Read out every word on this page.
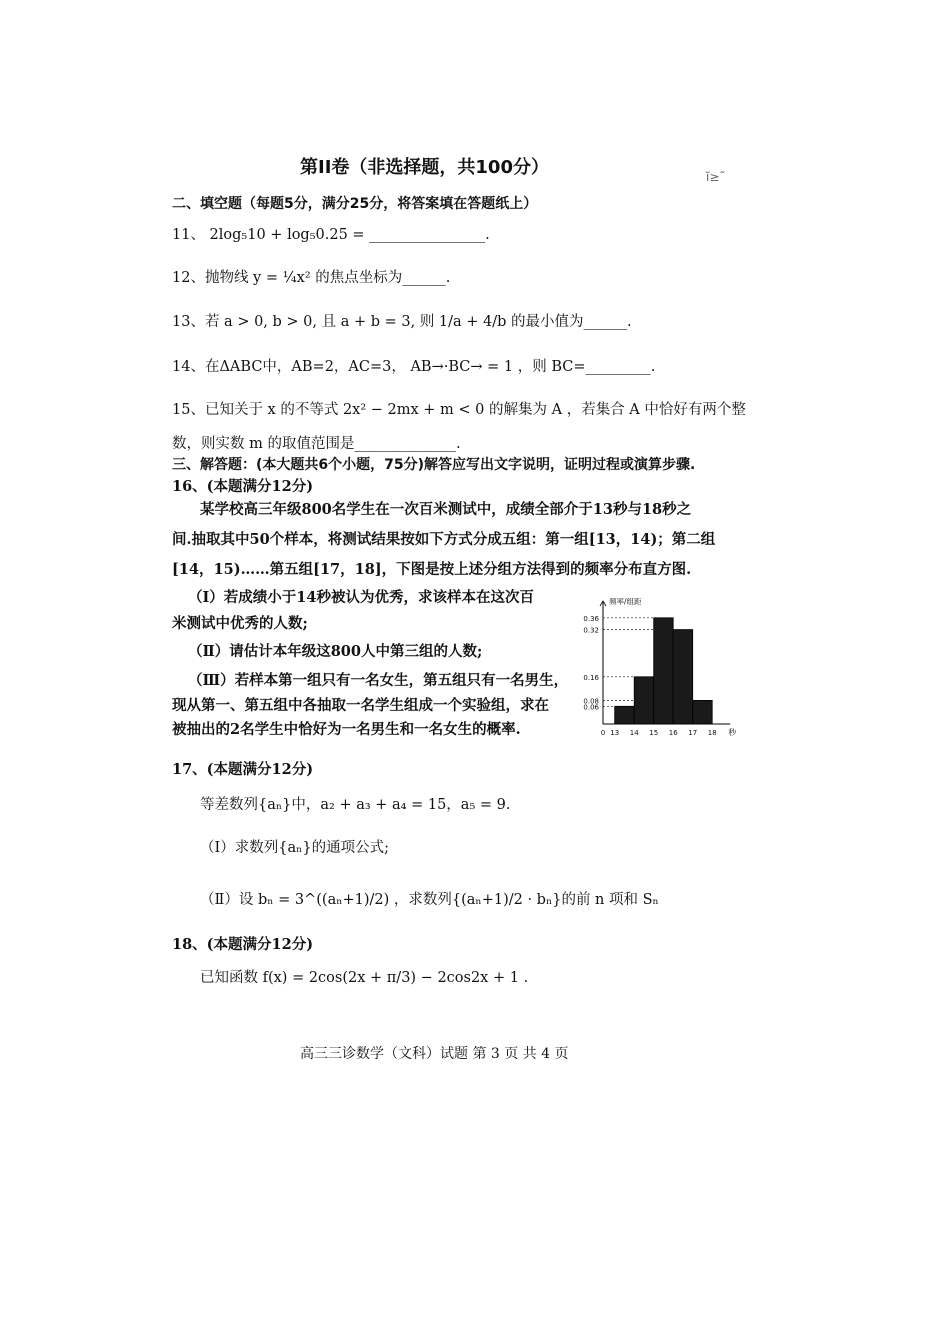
第II卷（非选择题，共100分）	ĩ≥˜
二、填空题（每题5分，满分25分，将答案填在答题纸上）
11、 2log₅10 + log₅0.25 = ________________.
12、抛物线 y = ¼x² 的焦点坐标为______.
13、若 a > 0, b > 0, 且 a + b = 3, 则 1/a + 4/b 的最小值为______.
14、在ΔABC中，AB=2，AC=3， AB→·BC→ = 1 ，则 BC=_________.
15、已知关于 x 的不等式 2x² − 2mx + m < 0 的解集为 A ，若集合 A 中恰好有两个整
数，则实数 m 的取值范围是______________.
三、解答题：(本大题共6个小题，75分)解答应写出文字说明，证明过程或演算步骤.
16、(本题满分12分)
某学校高三年级800名学生在一次百米测试中，成绩全部介于13秒与18秒之
间.抽取其中50个样本，将测试结果按如下方式分成五组：第一组[13，14)；第二组
[14，15)……第五组[17，18]，下图是按上述分组方法得到的频率分布直方图.
（Ⅰ）若成绩小于14秒被认为优秀，求该样本在这次百
米测试中优秀的人数;
（Ⅱ）请估计本年级这800人中第三组的人数;
（Ⅲ）若样本第一组只有一名女生，第五组只有一名男生，
现从第一、第五组中各抽取一名学生组成一个实验组，求在
被抽出的2名学生中恰好为一名男生和一名女生的概率.
0.06
0.08
0.16
0.32
0.36
0 13 14 15 16 17 18
频率/组距
秒
17、(本题满分12分)
等差数列{aₙ}中，a₂ + a₃ + a₄ = 15，a₅ = 9.
（Ⅰ）求数列{aₙ}的通项公式;
（Ⅱ）设 bₙ = 3^((aₙ+1)/2) ，求数列{(aₙ+1)/2 · bₙ}的前 n 项和 Sₙ
18、(本题满分12分)
已知函数 f(x) = 2cos(2x + π/3) − 2cos2x + 1 .
高三三诊数学（文科）试题 第 3 页 共 4 页
